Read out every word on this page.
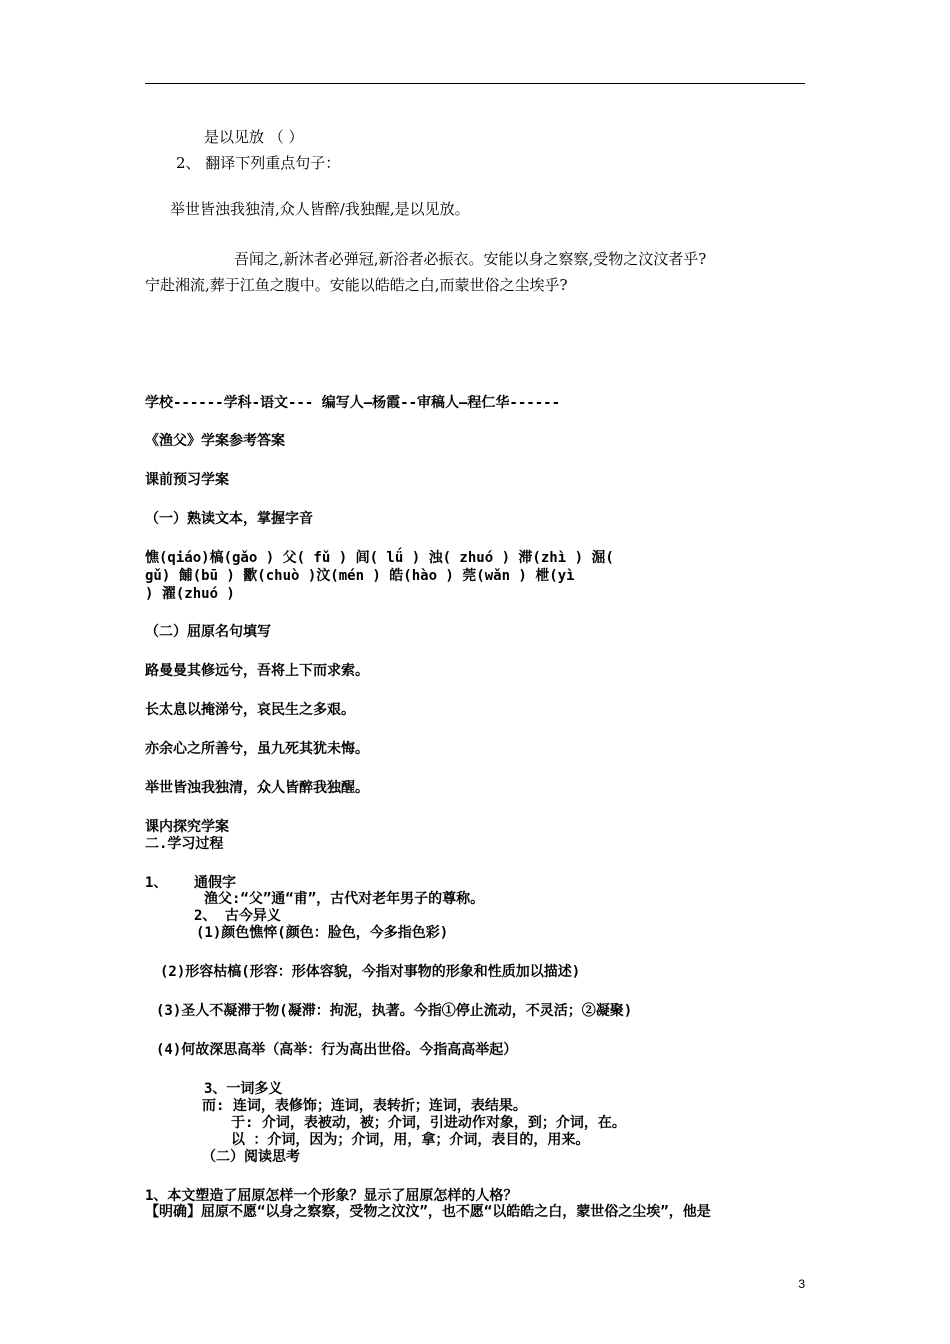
是以见放 （ ）
2、 翻译下列重点句子：
举世皆浊我独清,众人皆醉/我独醒,是以见放。
吾闻之,新沐者必弹冠,新浴者必振衣。安能以身之察察,受物之汶汶者乎?
宁赴湘流,葬于江鱼之腹中。安能以皓皓之白,而蒙世俗之尘埃乎?
学校------学科-语文--- 编写人—杨霞--审稿人—程仁华------
《渔父》学案参考答案
课前预习学案
（一）熟读文本，掌握字音
憔(qiáo)槁(gǎo ) 父( fǔ ) 闾( lǘ ) 浊( zhuó ) 滞(zhì ) 淈(
gǔ) 餔(bū ) 歠(chuò )汶(mén ) 皓(hào ) 莞(wǎn ) 枻(yì
) 濯(zhuó )
（二）屈原名句填写
路曼曼其修远兮，吾将上下而求索。
长太息以掩涕兮，哀民生之多艰。
亦余心之所善兮，虽九死其犹未悔。
举世皆浊我独清，众人皆醉我独醒。
课内探究学案
二.学习过程
1、 通假字
渔父:“父”通“甫”，古代对老年男子的尊称。
2、 古今异义
(1)颜色憔悴(颜色：脸色，今多指色彩)
(2)形容枯槁(形容：形体容貌，今指对事物的形象和性质加以描述)
(3)圣人不凝滞于物(凝滞：拘泥，执著。今指①停止流动，不灵活；②凝聚)
(4)何故深思高举（高举：行为高出世俗。今指高高举起）
3、一词多义
而: 连词，表修饰；连词，表转折；连词，表结果。
于: 介词，表被动，被；介词，引进动作对象，到；介词，在。
以 ：介词，因为；介词，用，拿；介词，表目的，用来。
（二）阅读思考
1、本文塑造了屈原怎样一个形象？显示了屈原怎样的人格？
【明确】屈原不愿“以身之察察，受物之汶汶”，也不愿“以皓皓之白，蒙世俗之尘埃”，他是
3
